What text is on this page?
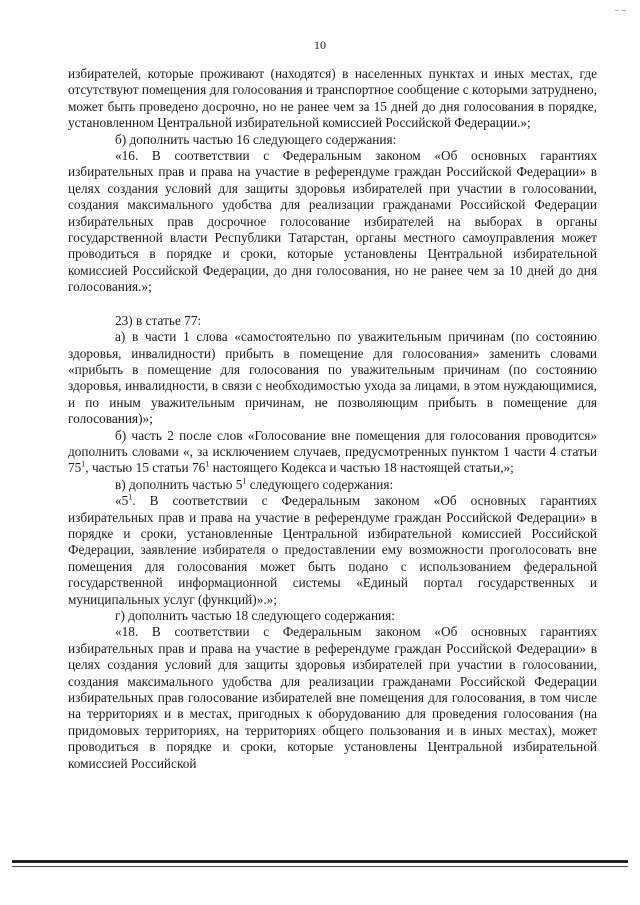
_ _
10

избирателей, которые проживают (находятся) в населенных пунктах и иных местах, где отсутствуют помещения для голосования и транспортное сообщение с которыми затруднено, может быть проведено досрочно, но не ранее чем за 15 дней до дня голосования в порядке, установленном Центральной избирательной комиссией Российской Федерации.»;

б) дополнить частью 16 следующего содержания:

«16. В соответствии с Федеральным законом «Об основных гарантиях избирательных прав и права на участие в референдуме граждан Российской Федерации» в целях создания условий для защиты здоровья избирателей при участии в голосовании, создания максимального удобства для реализации гражданами Российской Федерации избирательных прав досрочное голосование избирателей на выборах в органы государственной власти Республики Татарстан, органы местного самоуправления может проводиться в порядке и сроки, которые установлены Центральной избирательной комиссией Российской Федерации, до дня голосования, но не ранее чем за 10 дней до дня голосования.»;

23) в статье 77:

а) в части 1 слова «самостоятельно по уважительным причинам (по состоянию здоровья, инвалидности) прибыть в помещение для голосования» заменить словами «прибыть в помещение для голосования по уважительным причинам (по состоянию здоровья, инвалидности, в связи с необходимостью ухода за лицами, в этом нуждающимися, и по иным уважительным причинам, не позволяющим прибыть в помещение для голосования)»;

б) часть 2 после слов «Голосование вне помещения для голосования проводится» дополнить словами «, за исключением случаев, предусмотренных пунктом 1 части 4 статьи $75^1$, частью 15 статьи $76^1$ настоящего Кодекса и частью 18 настоящей статьи,»;

в) дополнить частью $5^1$ следующего содержания:

«$5^1$. В соответствии с Федеральным законом «Об основных гарантиях избирательных прав и права на участие в референдуме граждан Российской Федерации» в порядке и сроки, установленные Центральной избирательной комиссией Российской Федерации, заявление избирателя о предоставлении ему возможности проголосовать вне помещения для голосования может быть подано с использованием федеральной государственной информационной системы «Единый портал государственных и муниципальных услуг (функций)».»;

г) дополнить частью 18 следующего содержания:

«18. В соответствии с Федеральным законом «Об основных гарантиях избирательных прав и права на участие в референдуме граждан Российской Федерации» в целях создания условий для защиты здоровья избирателей при участии в голосовании, создания максимального удобства для реализации гражданами Российской Федерации избирательных прав голосование избирателей вне помещения для голосования, в том числе на территориях и в местах, пригодных к оборудованию для проведения голосования (на придомовых территориях, на территориях общего пользования и в иных местах), может проводиться в порядке и сроки, которые установлены Центральной избирательной комиссией Российской
